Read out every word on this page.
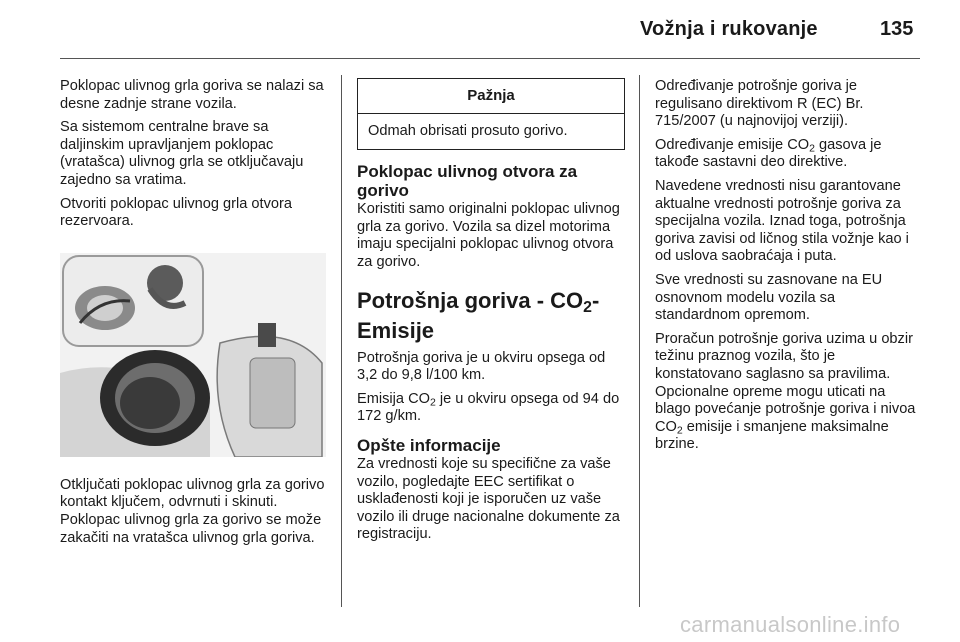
Vožnja i rukovanje	135

Poklopac ulivnog grla goriva se nalazi sa desne zadnje strane vozila.

Sa sistemom centralne brave sa daljinskim upravljanjem poklopac (vratašca) ulivnog grla se otključavaju zajedno sa vratima.

Otvoriti poklopac ulivnog grla otvora rezervoara.

Otključati poklopac ulivnog grla za gorivo kontakt ključem, odvrnuti i skinuti. Poklopac ulivnog grla za gorivo se može zakačiti na vratašca ulivnog grla goriva.

Pažnja
Odmah obrisati prosuto gorivo.
Poklopac ulivnog otvora za gorivo

Koristiti samo originalni poklopac ulivnog grla za gorivo. Vozila sa dizel motorima imaju specijalni poklopac ulivnog otvora za gorivo.

Potrošnja goriva - $CO_2$-Emisije

Potrošnja goriva je u okviru opsega od 3,2 do 9,8 l/100 km.

Emisija $CO_2$ je u okviru opsega od 94 do 172 g/km.

Opšte informacije

Za vrednosti koje su specifične za vaše vozilo, pogledajte EEC sertifikat o usklađenosti koji je isporučen uz vaše vozilo ili druge nacionalne dokumente za registraciju.

Određivanje potrošnje goriva je regulisano direktivom R (EC) Br. 715/2007 (u najnovijoj verziji).

Određivanje emisije $CO_2$ gasova je takođe sastavni deo direktive.

Navedene vrednosti nisu garantovane aktualne vrednosti potrošnje goriva za specijalna vozila. Iznad toga, potrošnja goriva zavisi od ličnog stila vožnje kao i od uslova saobraćaja i puta.

Sve vrednosti su zasnovane na EU osnovnom modelu vozila sa standardnom opremom.

Proračun potrošnje goriva uzima u obzir težinu praznog vozila, što je konstatovano saglasno sa pravilima. Opcionalne opreme mogu uticati na blago povećanje potrošnje goriva i nivoa $CO_2$ emisije i smanjene maksimalne brzine.

carmanualsonline.info
